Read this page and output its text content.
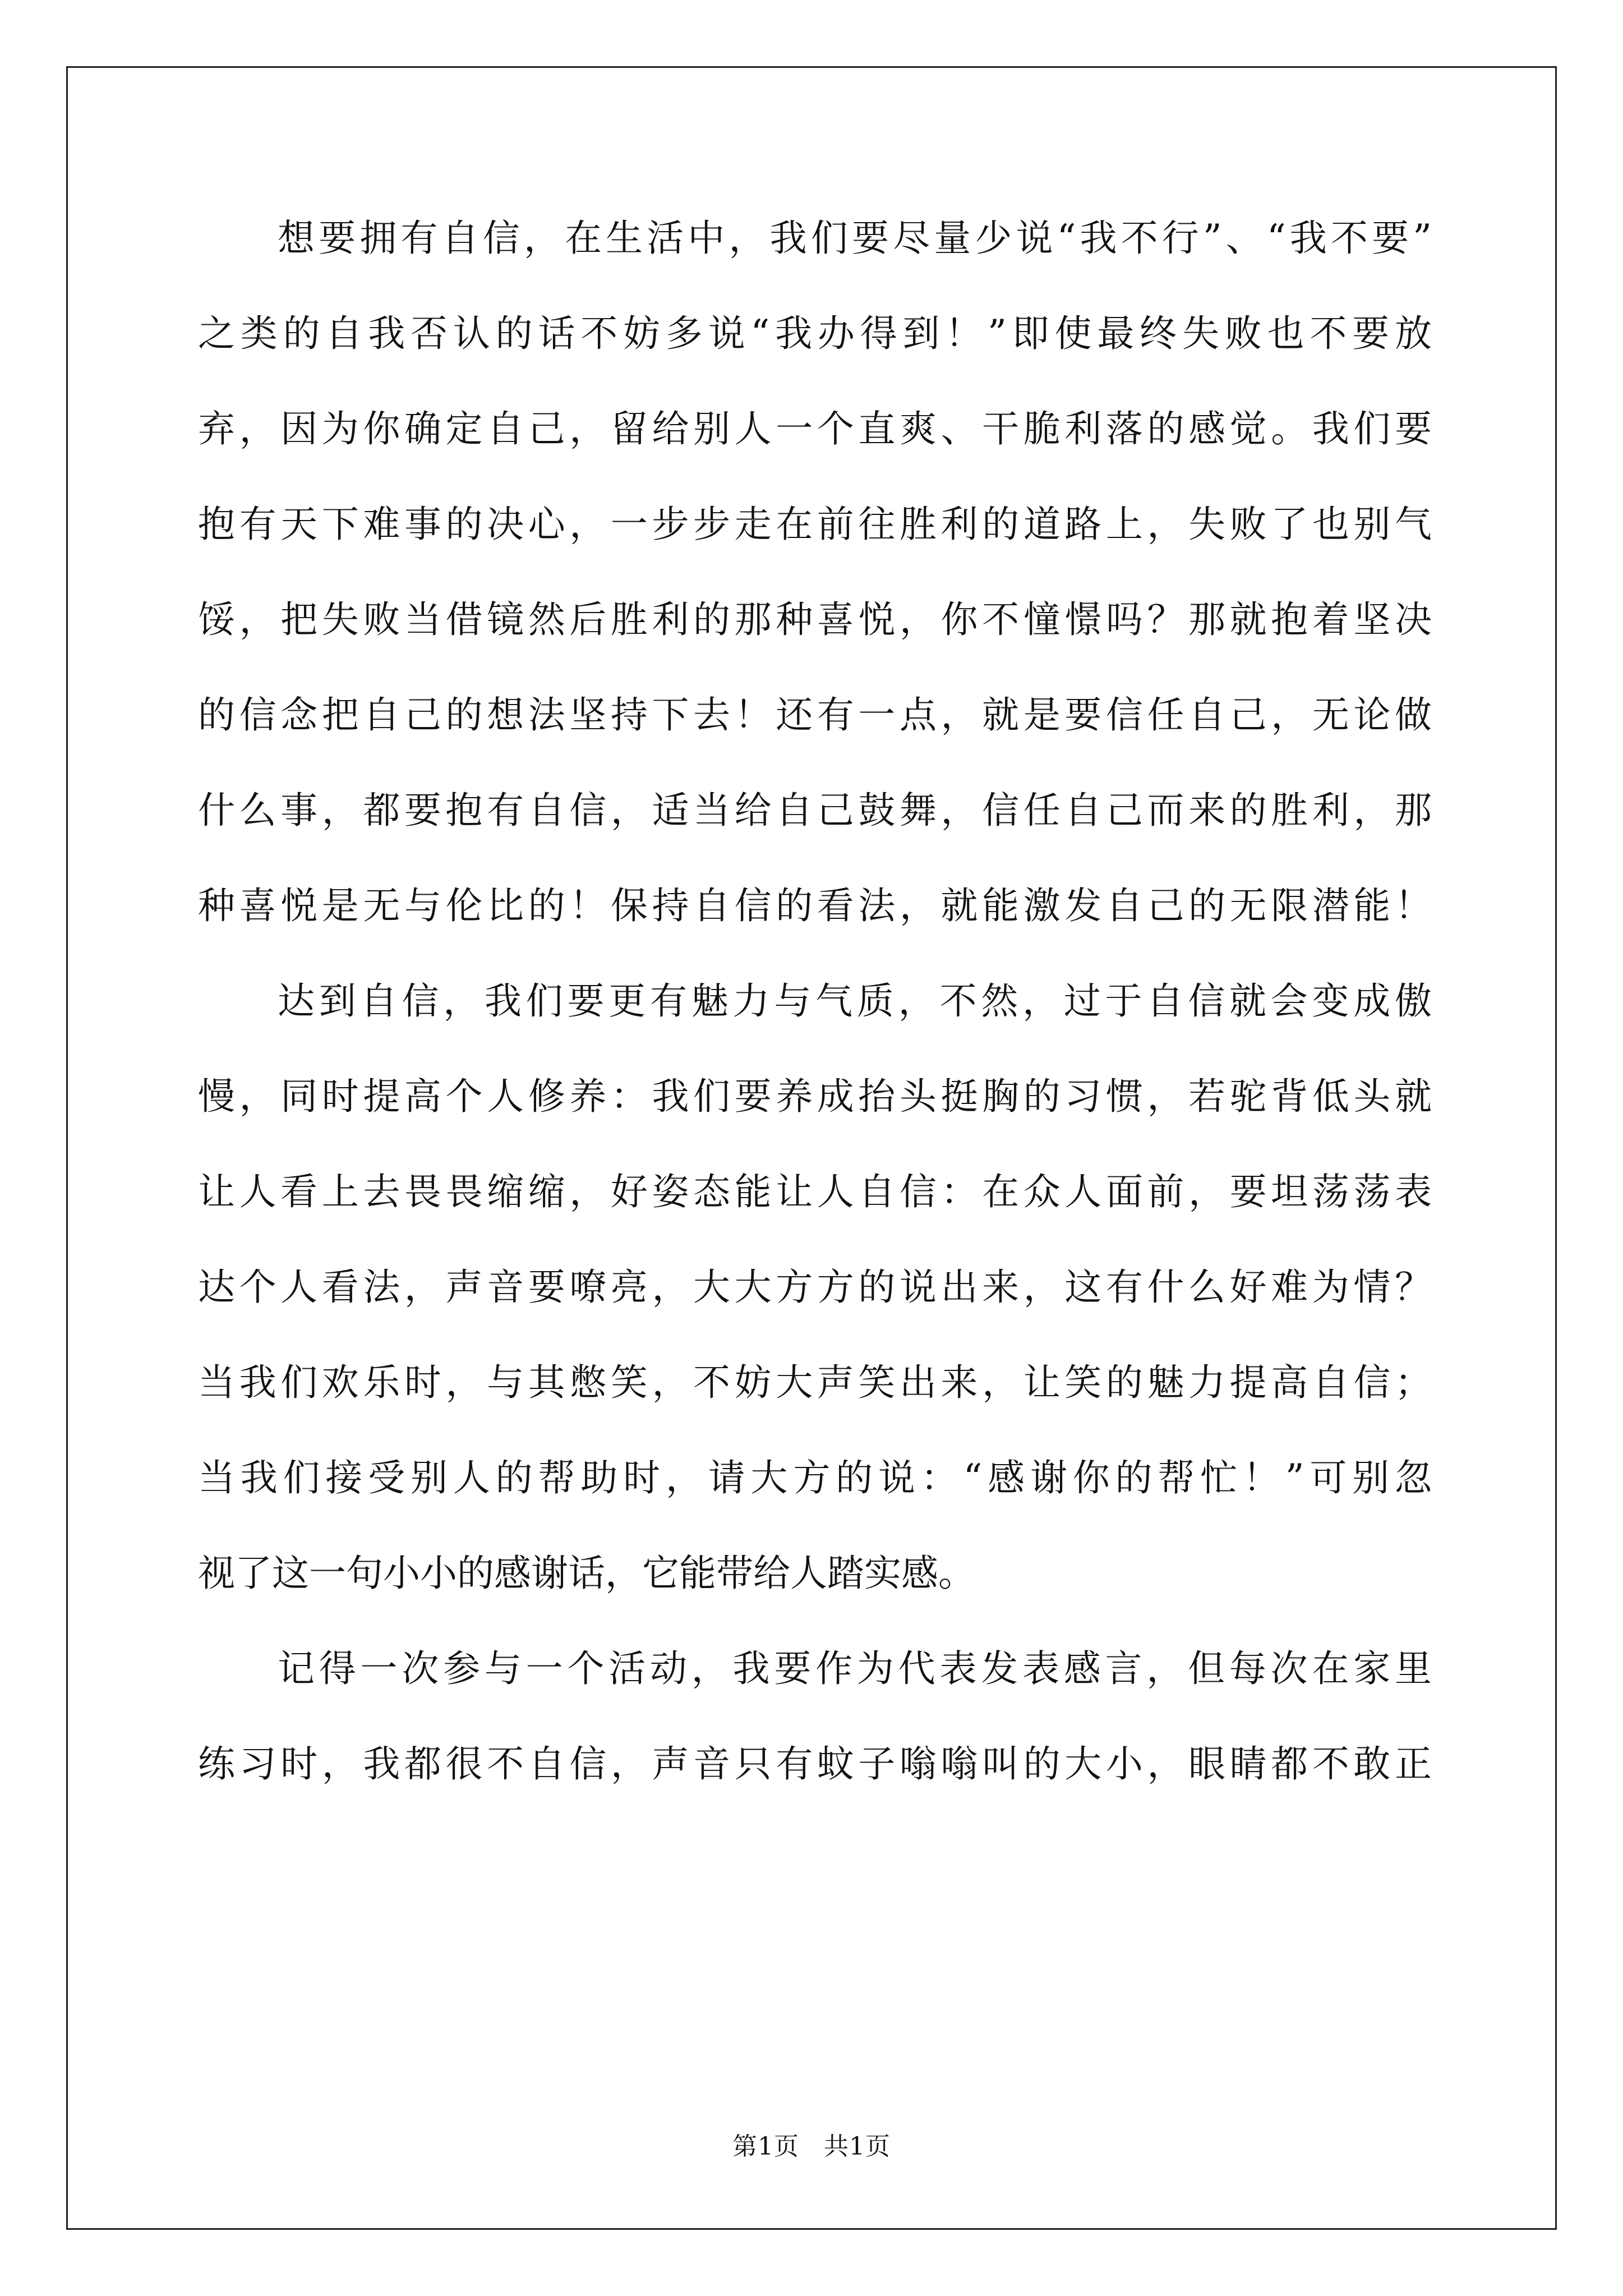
想要拥有自信，在生活中，我们要尽量少说“我不行”、“我不要”
之类的自我否认的话不妨多说“我办得到！”即使最终失败也不要放
弃，因为你确定自己，留给别人一个直爽、干脆利落的感觉。我们要
抱有天下难事的决心，一步步走在前往胜利的道路上，失败了也别气
馁，把失败当借镜然后胜利的那种喜悦，你不憧憬吗？那就抱着坚决
的信念把自己的想法坚持下去！还有一点，就是要信任自己，无论做
什么事，都要抱有自信，适当给自己鼓舞，信任自己而来的胜利，那
种喜悦是无与伦比的！保持自信的看法，就能激发自己的无限潜能！
达到自信，我们要更有魅力与气质，不然，过于自信就会变成傲
慢，同时提高个人修养：我们要养成抬头挺胸的习惯，若驼背低头就
让人看上去畏畏缩缩，好姿态能让人自信：在众人面前，要坦荡荡表
达个人看法，声音要嘹亮，大大方方的说出来，这有什么好难为情？
当我们欢乐时，与其憋笑，不妨大声笑出来，让笑的魅力提高自信；
当我们接受别人的帮助时，请大方的说：“感谢你的帮忙！”可别忽
视了这一句小小的感谢话，它能带给人踏实感。
记得一次参与一个活动，我要作为代表发表感言，但每次在家里
练习时，我都很不自信，声音只有蚊子嗡嗡叫的大小，眼睛都不敢正
第1页 共1页
